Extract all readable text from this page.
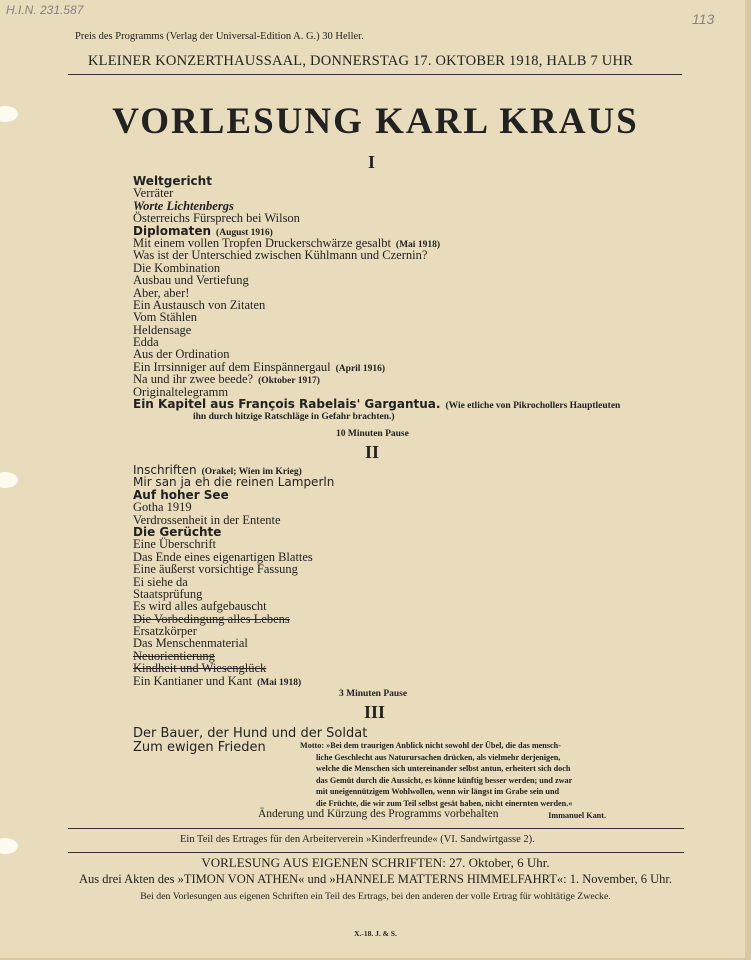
H.I.N. 231.587
113
Preis des Programms (Verlag der Universal-Edition A. G.) 30 Heller.
KLEINER KONZERTHAUSSAAL, DONNERSTAG 17. OKTOBER 1918, HALB 7 UHR
VORLESUNG KARL KRAUS
I
Weltgericht
Verräter
Worte Lichtenbergs
Österreichs Fürsprech bei Wilson
Diplomaten (August 1916)
Mit einem vollen Tropfen Druckerschwärze gesalbt (Mai 1918)
Was ist der Unterschied zwischen Kühlmann und Czernin?
Die Kombination
Ausbau und Vertiefung
Aber, aber!
Ein Austausch von Zitaten
Vom Stählen
Heldensage
Edda
Aus der Ordination
Ein Irrsinniger auf dem Einspännergaul (April 1916)
Na und ihr zwee beede? (Oktober 1917)
Originaltelegramm
Ein Kapitel aus François Rabelais' Gargantua. (Wie etliche von Pikrochollers Hauptleuten
ihn durch hitzige Ratschläge in Gefahr brachten.)
10 Minuten Pause
II
Inschriften (Orakel; Wien im Krieg)
Mir san ja eh die reinen Lamperln
Auf hoher See
Gotha 1919
Verdrossenheit in der Entente
Die Gerüchte
Eine Überschrift
Das Ende eines eigenartigen Blattes
Eine äußerst vorsichtige Fassung
Ei siehe da
Staatsprüfung
Es wird alles aufgebauscht
Die Vorbedingung alles Lebens
Ersatzkörper
Das Menschenmaterial
Neuorientierung
Kindheit und Wiesenglück
Ein Kantianer und Kant (Mai 1918)
3 Minuten Pause
III
Der Bauer, der Hund und der Soldat
Zum ewigen Frieden	Motto: »Bei dem traurigen Anblick nicht sowohl der Übel, die das mensch-
liche Geschlecht aus Naturursachen drücken, als vielmehr derjenigen,
welche die Menschen sich untereinander selbst antun, erheitert sich doch
das Gemüt durch die Aussicht, es könne künftig besser werden; und zwar
mit uneigennützigem Wohlwollen, wenn wir längst im Grabe sein und
die Früchte, die wir zum Teil selbst gesät haben, nicht einernten werden.«
Immanuel Kant.
Änderung und Kürzung des Programms vorbehalten
Ein Teil des Ertrages für den Arbeiterverein »Kinderfreunde« (VI. Sandwirtgasse 2).
VORLESUNG AUS EIGENEN SCHRIFTEN: 27. Oktober, 6 Uhr.
Aus drei Akten des »TIMON VON ATHEN« und »HANNELE MATTERNS HIMMELFAHRT«: 1. November, 6 Uhr.
Bei den Vorlesungen aus eigenen Schriften ein Teil des Ertrags, bei den anderen der volle Ertrag für wohltätige Zwecke.
X.-18. J. & S.
